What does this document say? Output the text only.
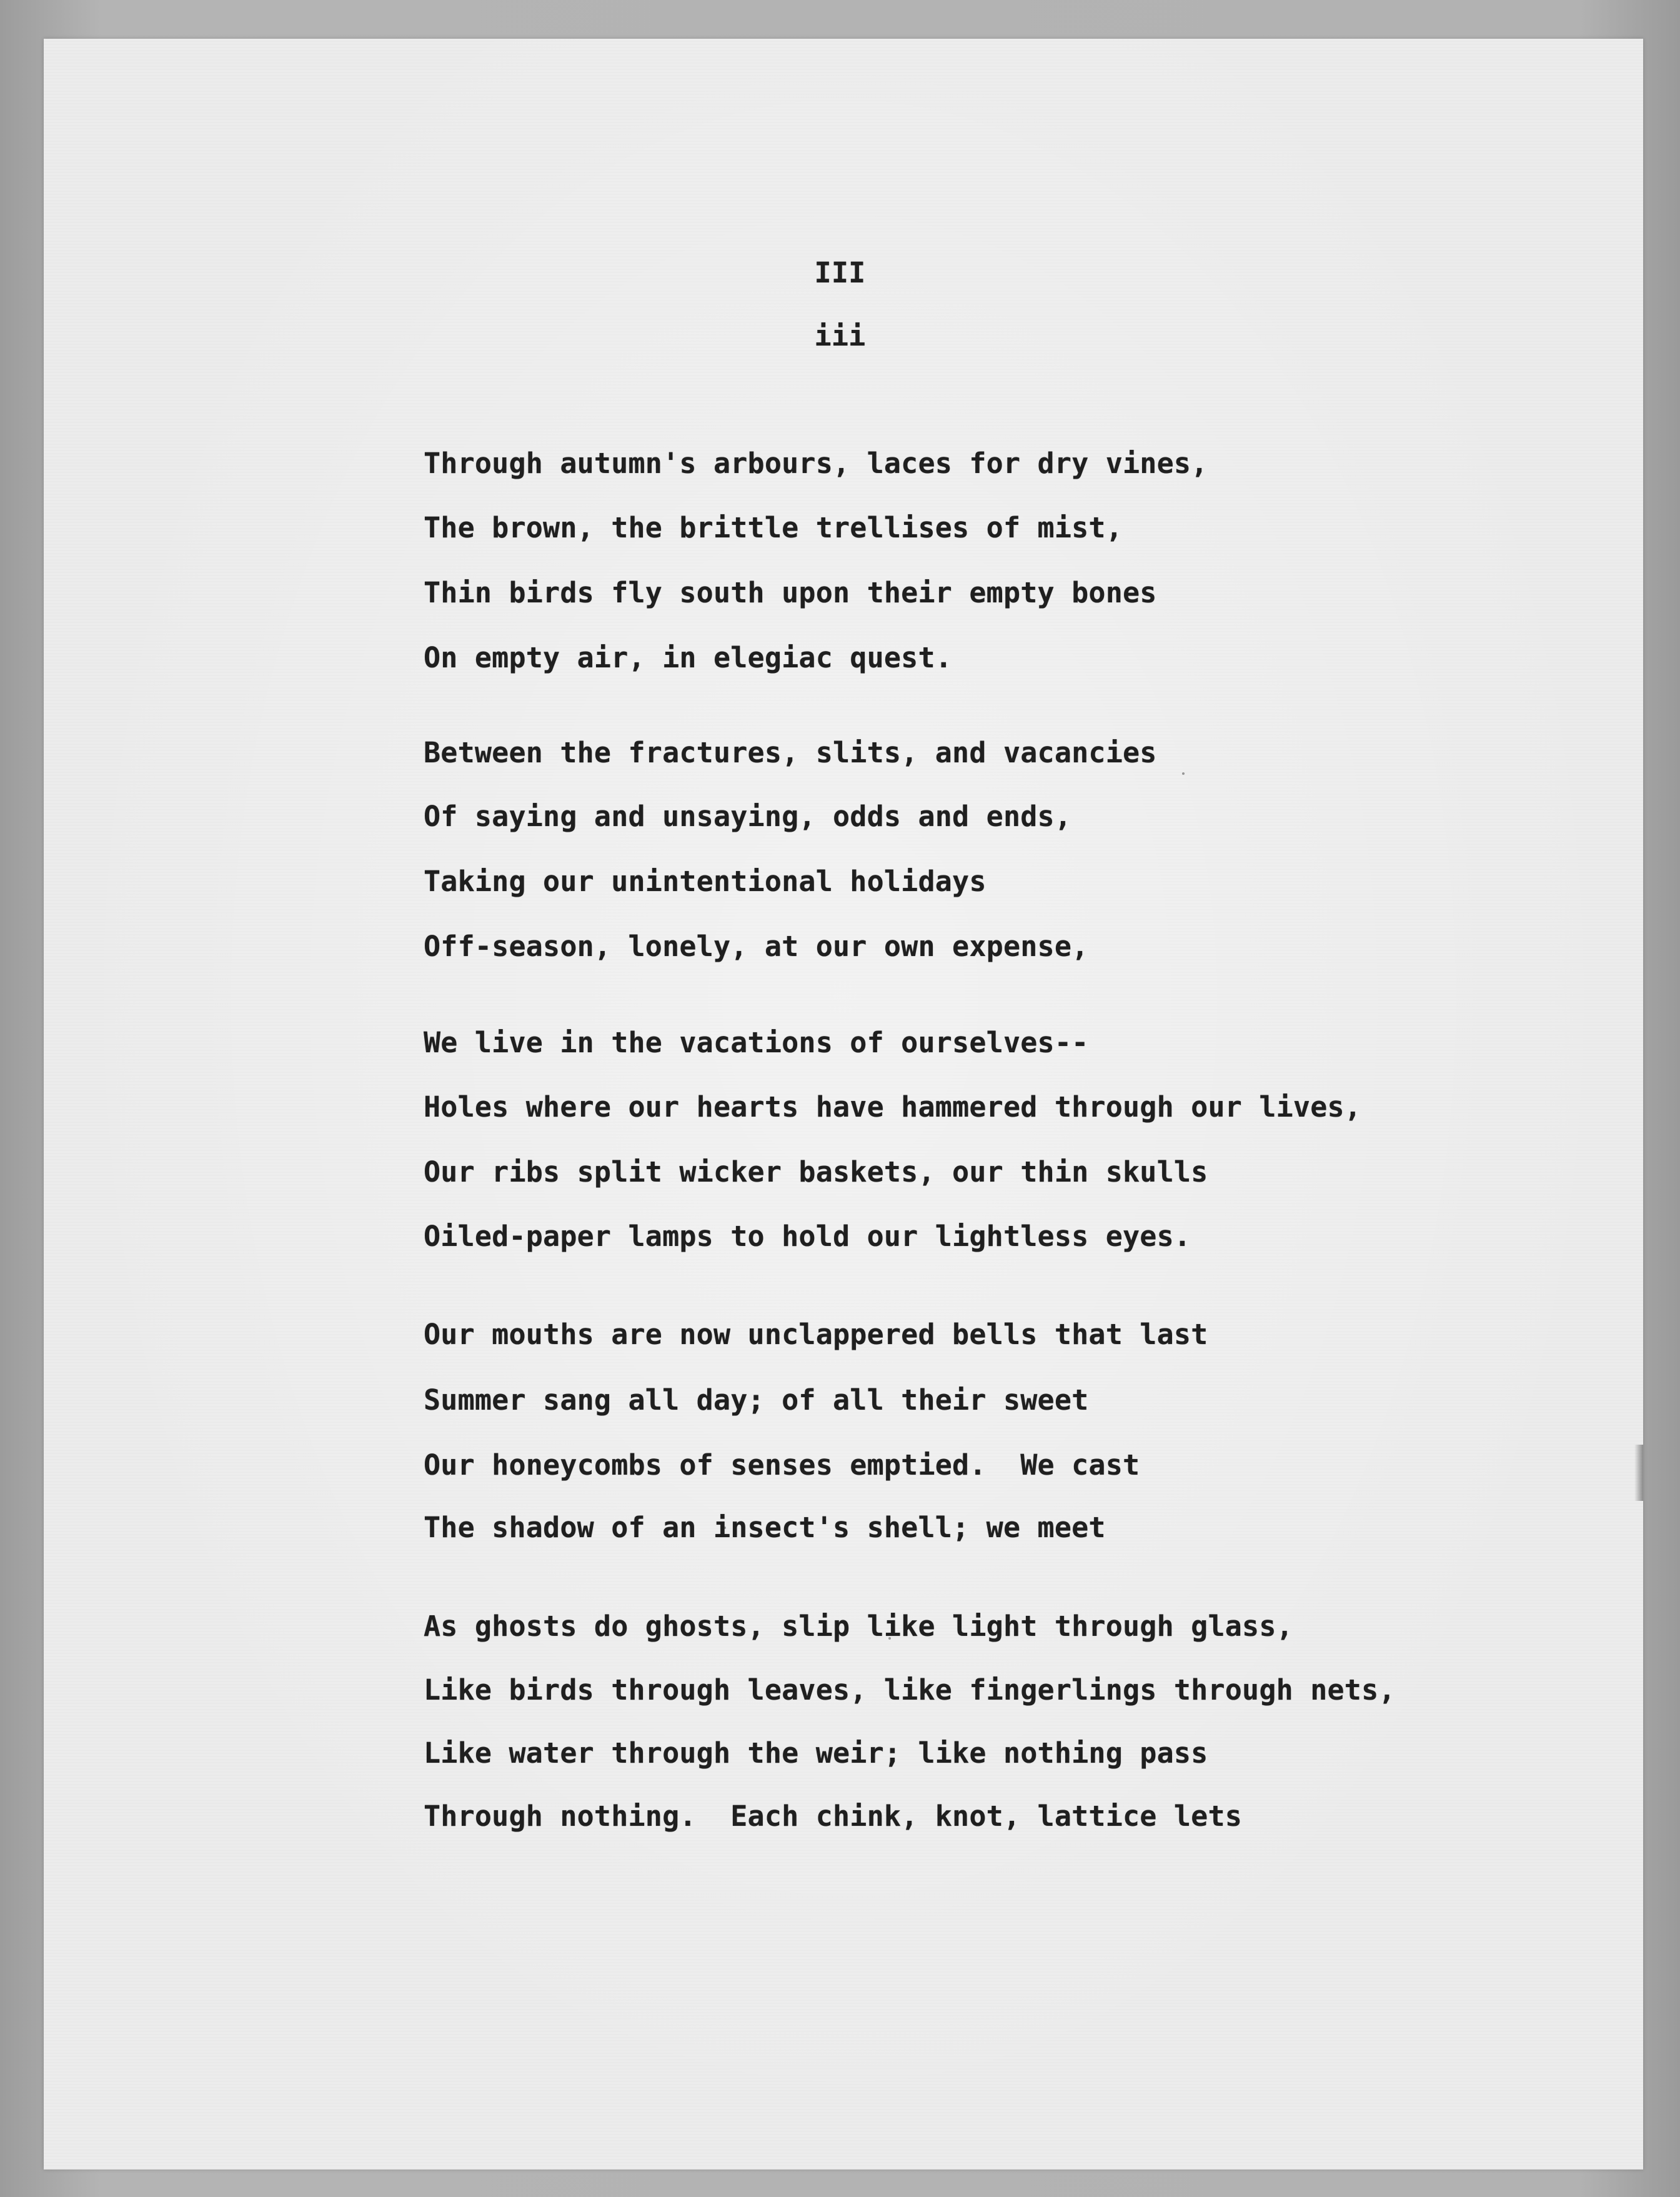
III
iii
Through autumn's arbours, laces for dry vines,
The brown, the brittle trellises of mist,
Thin birds fly south upon their empty bones
On empty air, in elegiac quest.
Between the fractures, slits, and vacancies
Of saying and unsaying, odds and ends,
Taking our unintentional holidays
Off-season, lonely, at our own expense,
We live in the vacations of ourselves--
Holes where our hearts have hammered through our lives,
Our ribs split wicker baskets, our thin skulls
Oiled-paper lamps to hold our lightless eyes.
Our mouths are now unclappered bells that last
Summer sang all day; of all their sweet
Our honeycombs of senses emptied.  We cast
The shadow of an insect's shell; we meet
As ghosts do ghosts, slip like light through glass,
Like birds through leaves, like fingerlings through nets,
Like water through the weir; like nothing pass
Through nothing.  Each chink, knot, lattice lets
